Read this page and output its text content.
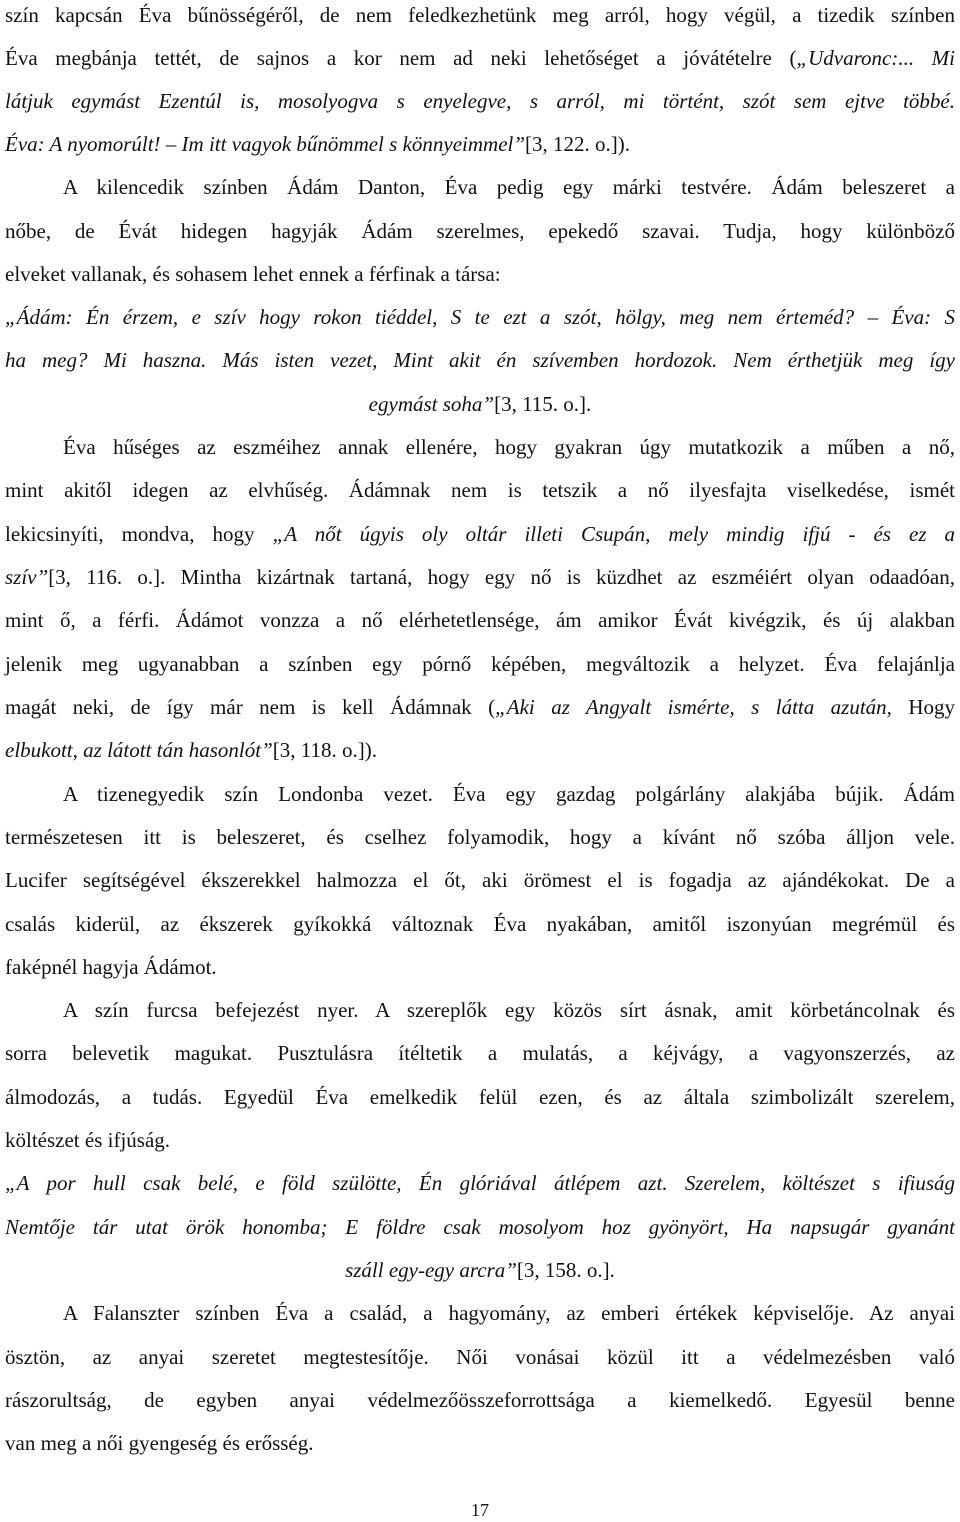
szín kapcsán Éva bűnösségéről, de nem feledkezhetünk meg arról, hogy végül, a tizedik színben
Éva megbánja tettét, de sajnos a kor nem ad neki lehetőséget a jóvátételre („Udvaronc:... Mi
látjuk egymást Ezentúl is, mosolyogva s enyelegve, s arról, mi történt, szót sem ejtve többé.
Éva: A nyomorúlt! – Im itt vagyok bűnömmel s könnyeimmel”[3, 122. o.]).
A kilencedik színben Ádám Danton, Éva pedig egy márki testvére. Ádám beleszeret a
nőbe, de Évát hidegen hagyják Ádám szerelmes, epekedő szavai. Tudja, hogy különböző
elveket vallanak, és sohasem lehet ennek a férfinak a társa:
„Ádám: Én érzem, e szív hogy rokon tiéddel, S te ezt a szót, hölgy, meg nem érteméd? – Éva: S
ha meg? Mi haszna. Más isten vezet, Mint akit én szívemben hordozok. Nem érthetjük meg így
egymást soha”[3, 115. o.].
Éva hűséges az eszméihez annak ellenére, hogy gyakran úgy mutatkozik a műben a nő,
mint akitől idegen az elvhűség. Ádámnak nem is tetszik a nő ilyesfajta viselkedése, ismét
lekicsinyíti, mondva, hogy „A nőt úgyis oly oltár illeti Csupán, mely mindig ifjú - és ez a
szív”[3, 116. o.]. Mintha kizártnak tartaná, hogy egy nő is küzdhet az eszméiért olyan odaadóan,
mint ő, a férfi. Ádámot vonzza a nő elérhetetlensége, ám amikor Évát kivégzik, és új alakban
jelenik meg ugyanabban a színben egy pórnő képében, megváltozik a helyzet. Éva felajánlja
magát neki, de így már nem is kell Ádámnak („Aki az Angyalt ismérte, s látta azután, Hogy
elbukott, az látott tán hasonlót”[3, 118. o.]).
A tizenegyedik szín Londonba vezet. Éva egy gazdag polgárlány alakjába bújik. Ádám
természetesen itt is beleszeret, és cselhez folyamodik, hogy a kívánt nő szóba álljon vele.
Lucifer segítségével ékszerekkel halmozza el őt, aki örömest el is fogadja az ajándékokat. De a
csalás kiderül, az ékszerek gyíkokká változnak Éva nyakában, amitől iszonyúan megrémül és
faképnél hagyja Ádámot.
A szín furcsa befejezést nyer. A szereplők egy közös sírt ásnak, amit körbetáncolnak és
sorra belevetik magukat. Pusztulásra ítéltetik a mulatás, a kéjvágy, a vagyonszerzés, az
álmodozás, a tudás. Egyedül Éva emelkedik felül ezen, és az általa szimbolizált szerelem,
költészet és ifjúság.
„A por hull csak belé, e föld szülötte, Én glóriával átlépem azt. Szerelem, költészet s ifiuság
Nemtője tár utat örök honomba; E földre csak mosolyom hoz gyönyört, Ha napsugár gyanánt
száll egy-egy arcra”[3, 158. o.].
A Falanszter színben Éva a család, a hagyomány, az emberi értékek képviselője. Az anyai
ösztön, az anyai szeretet megtestesítője. Női vonásai közül itt a védelmezésben való
rászorultság, de egyben anyai védelmezőösszeforrottsága a kiemelkedő. Egyesül benne
van meg a női gyengeség és erősség.
17
